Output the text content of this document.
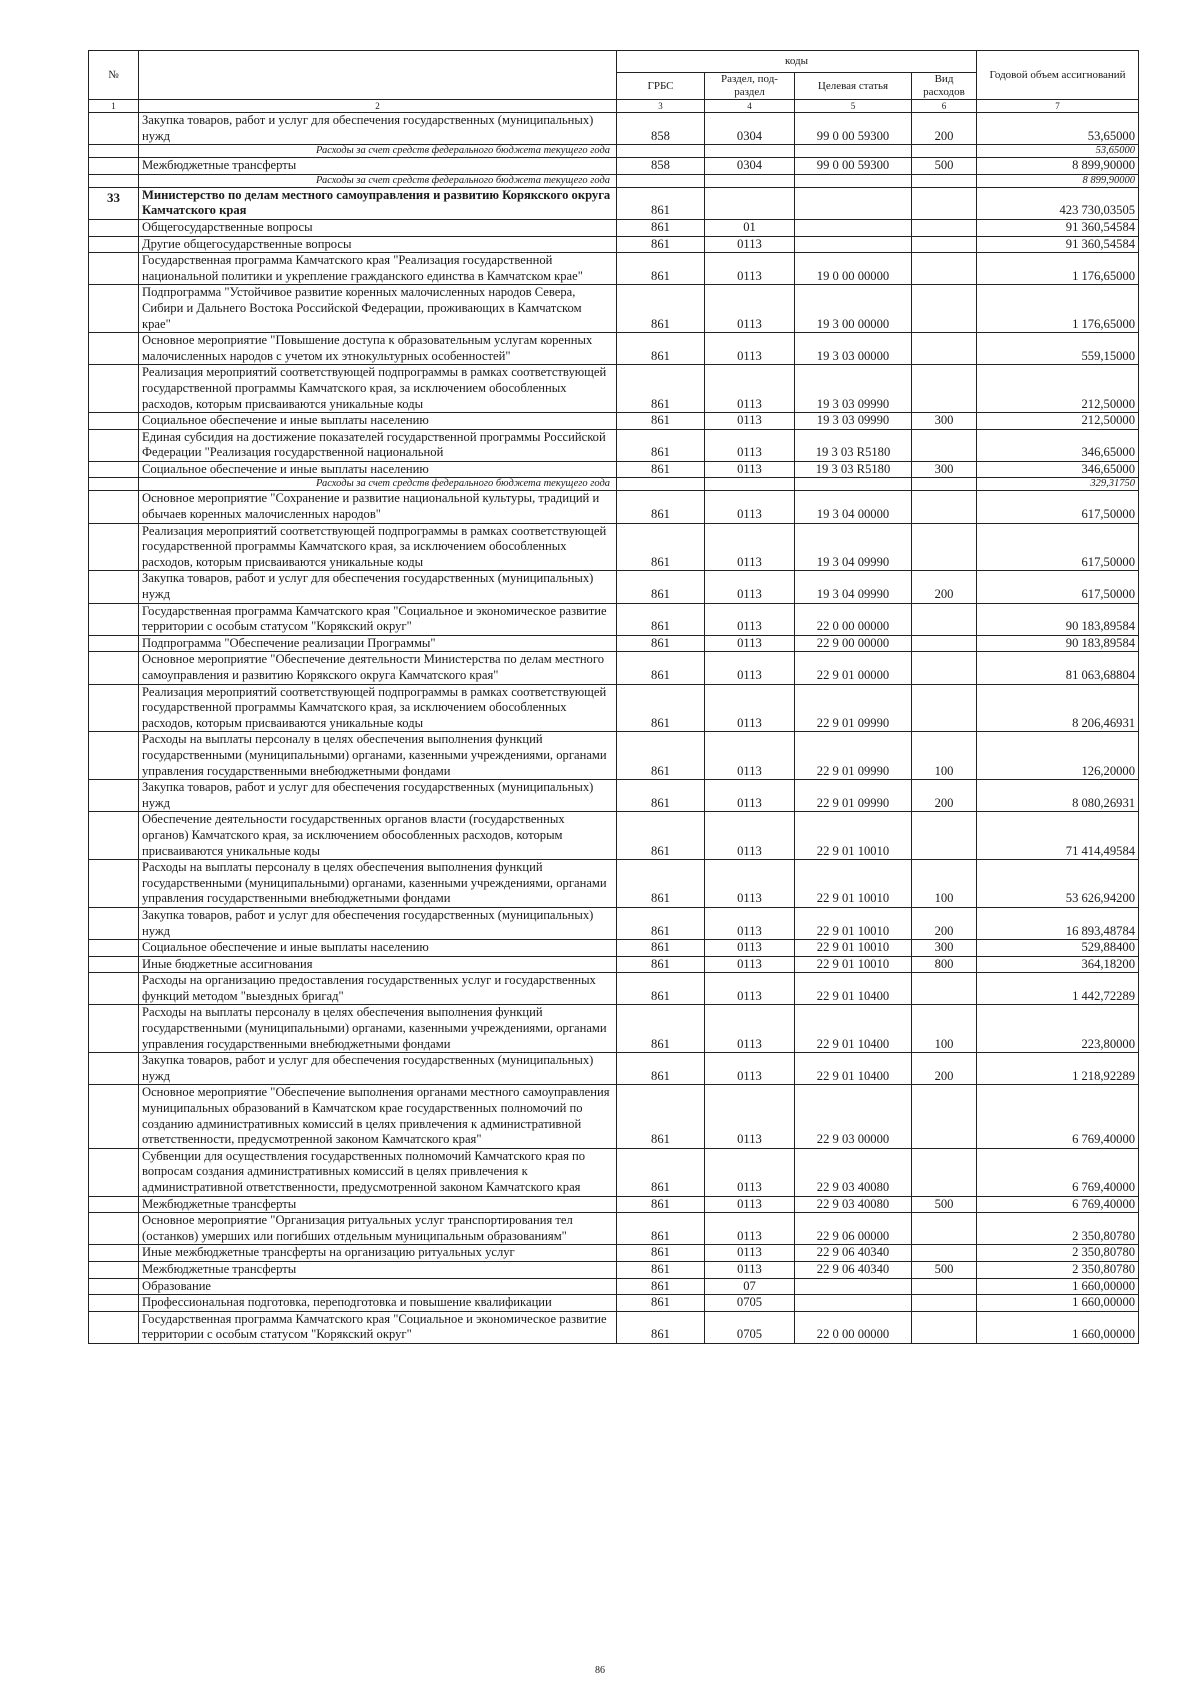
№		коды				Годовой объем ассигнований
		ГРБС	Раздел, под-раздел	Целевая статья	Вид расходов	
1	2	3	4	5	6	7
	Закупка товаров, работ и услуг для обеспечения государственных (муниципальных) нужд	858	0304	99 0 00 59300	200	53,65000
	Расходы за счет средств федерального бюджета текущего года					53,65000
	Межбюджетные трансферты	858	0304	99 0 00 59300	500	8 899,90000
	Расходы за счет средств федерального бюджета текущего года					8 899,90000
33	Министерство по делам местного самоуправления и развитию Корякского округа Камчатского края	861				423 730,03505
	Общегосударственные вопросы	861	01			91 360,54584
	Другие общегосударственные вопросы	861	0113			91 360,54584
	Государственная программа Камчатского края "Реализация государственной национальной политики и укрепление гражданского единства в Камчатском крае"	861	0113	19 0 00 00000		1 176,65000
	Подпрограмма "Устойчивое развитие коренных малочисленных народов Севера, Сибири и Дальнего Востока Российской Федерации, проживающих в Камчатском крае"	861	0113	19 3 00 00000		1 176,65000
	Основное мероприятие "Повышение доступа к образовательным услугам коренных малочисленных народов с учетом их этнокультурных особенностей"	861	0113	19 3 03 00000		559,15000
	Реализация мероприятий соответствующей подпрограммы в рамках соответствующей государственной программы Камчатского края, за исключением обособленных расходов, которым присваиваются уникальные коды	861	0113	19 3 03 09990		212,50000
	Социальное обеспечение и иные выплаты населению	861	0113	19 3 03 09990	300	212,50000
	Единая субсидия на достижение показателей государственной программы Российской Федерации "Реализация государственной национальной	861	0113	19 3 03 R5180		346,65000
	Социальное обеспечение и иные выплаты населению	861	0113	19 3 03 R5180	300	346,65000
	Расходы за счет средств федерального бюджета текущего года					329,31750
	Основное мероприятие "Сохранение и развитие национальной культуры, традиций и обычаев коренных малочисленных народов"	861	0113	19 3 04 00000		617,50000
	Реализация мероприятий соответствующей подпрограммы в рамках соответствующей государственной программы Камчатского края, за исключением обособленных расходов, которым присваиваются уникальные коды	861	0113	19 3 04 09990		617,50000
	Закупка товаров, работ и услуг для обеспечения государственных (муниципальных) нужд	861	0113	19 3 04 09990	200	617,50000
	Государственная программа Камчатского края "Социальное и экономическое развитие территории с особым статусом "Корякский округ"	861	0113	22 0 00 00000		90 183,89584
	Подпрограмма "Обеспечение реализации Программы"	861	0113	22 9 00 00000		90 183,89584
	Основное мероприятие "Обеспечение деятельности Министерства по делам местного самоуправления и развитию Корякского округа Камчатского края"	861	0113	22 9 01 00000		81 063,68804
	Реализация мероприятий соответствующей подпрограммы в рамках соответствующей государственной программы Камчатского края, за исключением обособленных расходов, которым присваиваются уникальные коды	861	0113	22 9 01 09990		8 206,46931
	Расходы на выплаты персоналу в целях обеспечения выполнения функций государственными (муниципальными) органами, казенными учреждениями, органами управления государственными внебюджетными фондами	861	0113	22 9 01 09990	100	126,20000
	Закупка товаров, работ и услуг для обеспечения государственных (муниципальных) нужд	861	0113	22 9 01 09990	200	8 080,26931
	Обеспечение деятельности государственных органов власти (государственных органов) Камчатского края, за исключением обособленных расходов, которым присваиваются уникальные коды	861	0113	22 9 01 10010		71 414,49584
	Расходы на выплаты персоналу в целях обеспечения выполнения функций государственными (муниципальными) органами, казенными учреждениями, органами управления государственными внебюджетными фондами	861	0113	22 9 01 10010	100	53 626,94200
	Закупка товаров, работ и услуг для обеспечения государственных (муниципальных) нужд	861	0113	22 9 01 10010	200	16 893,48784
	Социальное обеспечение и иные выплаты населению	861	0113	22 9 01 10010	300	529,88400
	Иные бюджетные ассигнования	861	0113	22 9 01 10010	800	364,18200
	Расходы на организацию предоставления государственных услуг и государственных функций методом "выездных бригад"	861	0113	22 9 01 10400		1 442,72289
	Расходы на выплаты персоналу в целях обеспечения выполнения функций государственными (муниципальными) органами, казенными учреждениями, органами управления государственными внебюджетными фондами	861	0113	22 9 01 10400	100	223,80000
	Закупка товаров, работ и услуг для обеспечения государственных (муниципальных) нужд	861	0113	22 9 01 10400	200	1 218,92289
	Основное мероприятие "Обеспечение выполнения органами местного самоуправления муниципальных образований в Камчатском крае государственных полномочий по созданию административных комиссий в целях привлечения к административной ответственности, предусмотренной законом Камчатского края"	861	0113	22 9 03 00000		6 769,40000
	Субвенции для осуществления государственных полномочий Камчатского края по вопросам создания административных комиссий в целях привлечения к административной ответственности, предусмотренной законом Камчатского края	861	0113	22 9 03 40080		6 769,40000
	Межбюджетные трансферты	861	0113	22 9 03 40080	500	6 769,40000
	Основное мероприятие "Организация ритуальных услуг транспортирования тел (останков) умерших или погибших отдельным муниципальным образованиям"	861	0113	22 9 06 00000		2 350,80780
	Иные межбюджетные трансферты на организацию ритуальных услуг	861	0113	22 9 06 40340		2 350,80780
	Межбюджетные трансферты	861	0113	22 9 06 40340	500	2 350,80780
	Образование	861	07			1 660,00000
	Профессиональная подготовка, переподготовка и повышение квалификации	861	0705			1 660,00000
	Государственная программа Камчатского края "Социальное и экономическое развитие территории с особым статусом "Корякский округ"	861	0705	22 0 00 00000		1 660,00000
86
